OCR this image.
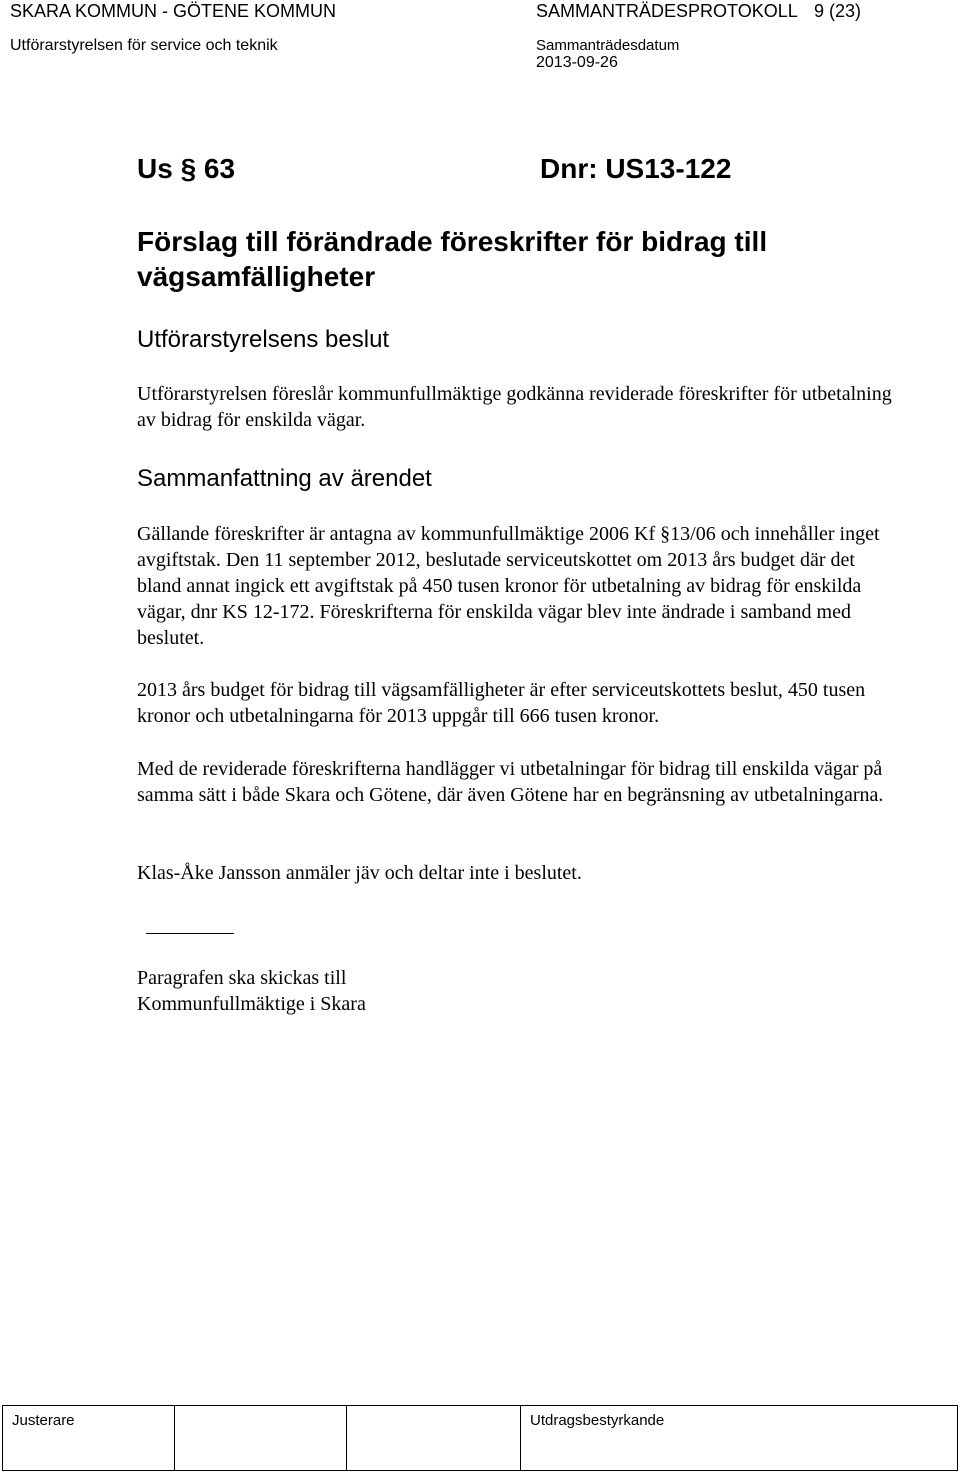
SKARA KOMMUN - GÖTENE KOMMUN	SAMMANTRÄDESPROTOKOLL 9 (23)
Utförarstyrelsen för service och teknik	Sammanträdesdatum
2013-09-26
Us § 63	Dnr: US13-122
Förslag till förändrade föreskrifter för bidrag till vägsamfälligheter
Utförarstyrelsens beslut
Utförarstyrelsen föreslår kommunfullmäktige godkänna reviderade föreskrifter för utbetalning av bidrag för enskilda vägar.
Sammanfattning av ärendet
Gällande föreskrifter är antagna av kommunfullmäktige 2006 Kf §13/06 och innehåller inget avgiftstak. Den 11 september 2012, beslutade serviceutskottet om 2013 års budget där det bland annat ingick ett avgiftstak på 450 tusen kronor för utbetalning av bidrag för enskilda vägar, dnr KS 12-172. Föreskrifterna för enskilda vägar blev inte ändrade i samband med beslutet.
2013 års budget för bidrag till vägsamfälligheter är efter serviceutskottets beslut, 450 tusen kronor och utbetalningarna för 2013 uppgår till 666 tusen kronor.
Med de reviderade föreskrifterna handlägger vi utbetalningar för bidrag till enskilda vägar på samma sätt i både Skara och Götene, där även Götene har en begränsning av utbetalningarna.
Klas-Åke Jansson anmäler jäv och deltar inte i beslutet.
Paragrafen ska skickas till Kommunfullmäktige i Skara
Justerare	Utdragsbestyrkande
